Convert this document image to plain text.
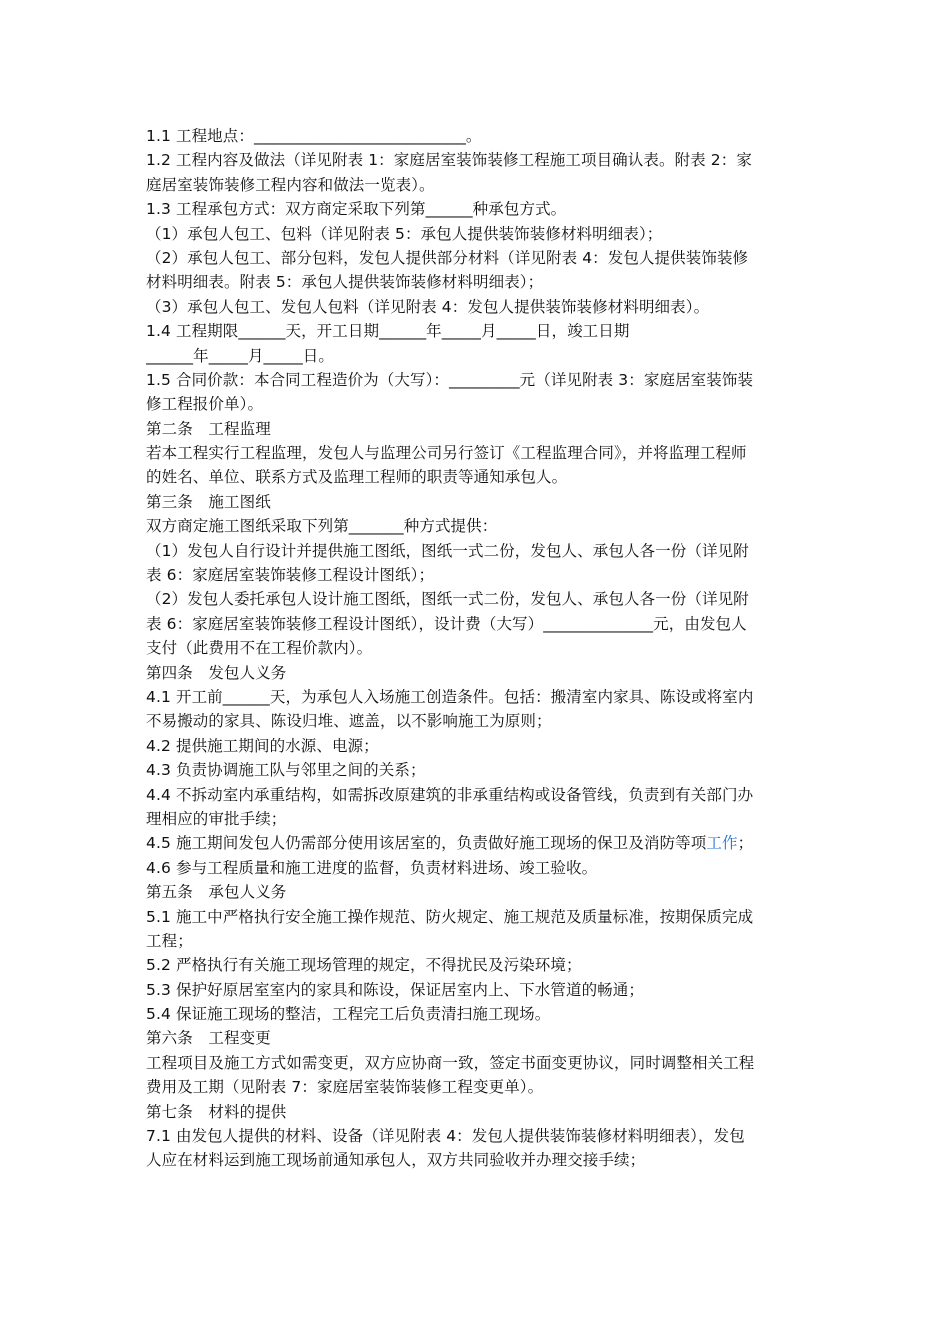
1.1 工程地点：___________________________。
1.2 工程内容及做法（详见附表 1：家庭居室装饰装修工程施工项目确认表。附表 2：家
庭居室装饰装修工程内容和做法一览表）。
1.3 工程承包方式：双方商定采取下列第______种承包方式。
（1）承包人包工、包料（详见附表 5：承包人提供装饰装修材料明细表）；
（2）承包人包工、部分包料，发包人提供部分材料（详见附表 4：发包人提供装饰装修
材料明细表。附表 5：承包人提供装饰装修材料明细表）；
（3）承包人包工、发包人包料（详见附表 4：发包人提供装饰装修材料明细表）。
1.4 工程期限______天，开工日期______年_____月_____日，竣工日期
______年_____月_____日。
1.5 合同价款：本合同工程造价为（大写）：_________元（详见附表 3：家庭居室装饰装
修工程报价单）。
第二条　工程监理
若本工程实行工程监理，发包人与监理公司另行签订《工程监理合同》，并将监理工程师
的姓名、单位、联系方式及监理工程师的职责等通知承包人。
第三条　施工图纸
双方商定施工图纸采取下列第_______种方式提供：
（1）发包人自行设计并提供施工图纸，图纸一式二份，发包人、承包人各一份（详见附
表 6：家庭居室装饰装修工程设计图纸）；
（2）发包人委托承包人设计施工图纸，图纸一式二份，发包人、承包人各一份（详见附
表 6：家庭居室装饰装修工程设计图纸），设计费（大写）______________元，由发包人
支付（此费用不在工程价款内）。
第四条　发包人义务
4.1 开工前______天，为承包人入场施工创造条件。包括：搬清室内家具、陈设或将室内
不易搬动的家具、陈设归堆、遮盖，以不影响施工为原则；
4.2 提供施工期间的水源、电源；
4.3 负责协调施工队与邻里之间的关系；
4.4 不拆动室内承重结构，如需拆改原建筑的非承重结构或设备管线，负责到有关部门办
理相应的审批手续；
4.5 施工期间发包人仍需部分使用该居室的，负责做好施工现场的保卫及消防等项工作；
4.6 参与工程质量和施工进度的监督，负责材料进场、竣工验收。
第五条　承包人义务
5.1 施工中严格执行安全施工操作规范、防火规定、施工规范及质量标准，按期保质完成
工程；
5.2 严格执行有关施工现场管理的规定，不得扰民及污染环境；
5.3 保护好原居室室内的家具和陈设，保证居室内上、下水管道的畅通；
5.4 保证施工现场的整洁，工程完工后负责清扫施工现场。
第六条　工程变更
工程项目及施工方式如需变更，双方应协商一致，签定书面变更协议，同时调整相关工程
费用及工期（见附表 7：家庭居室装饰装修工程变更单）。
第七条　材料的提供
7.1 由发包人提供的材料、设备（详见附表 4：发包人提供装饰装修材料明细表），发包
人应在材料运到施工现场前通知承包人，双方共同验收并办理交接手续；
